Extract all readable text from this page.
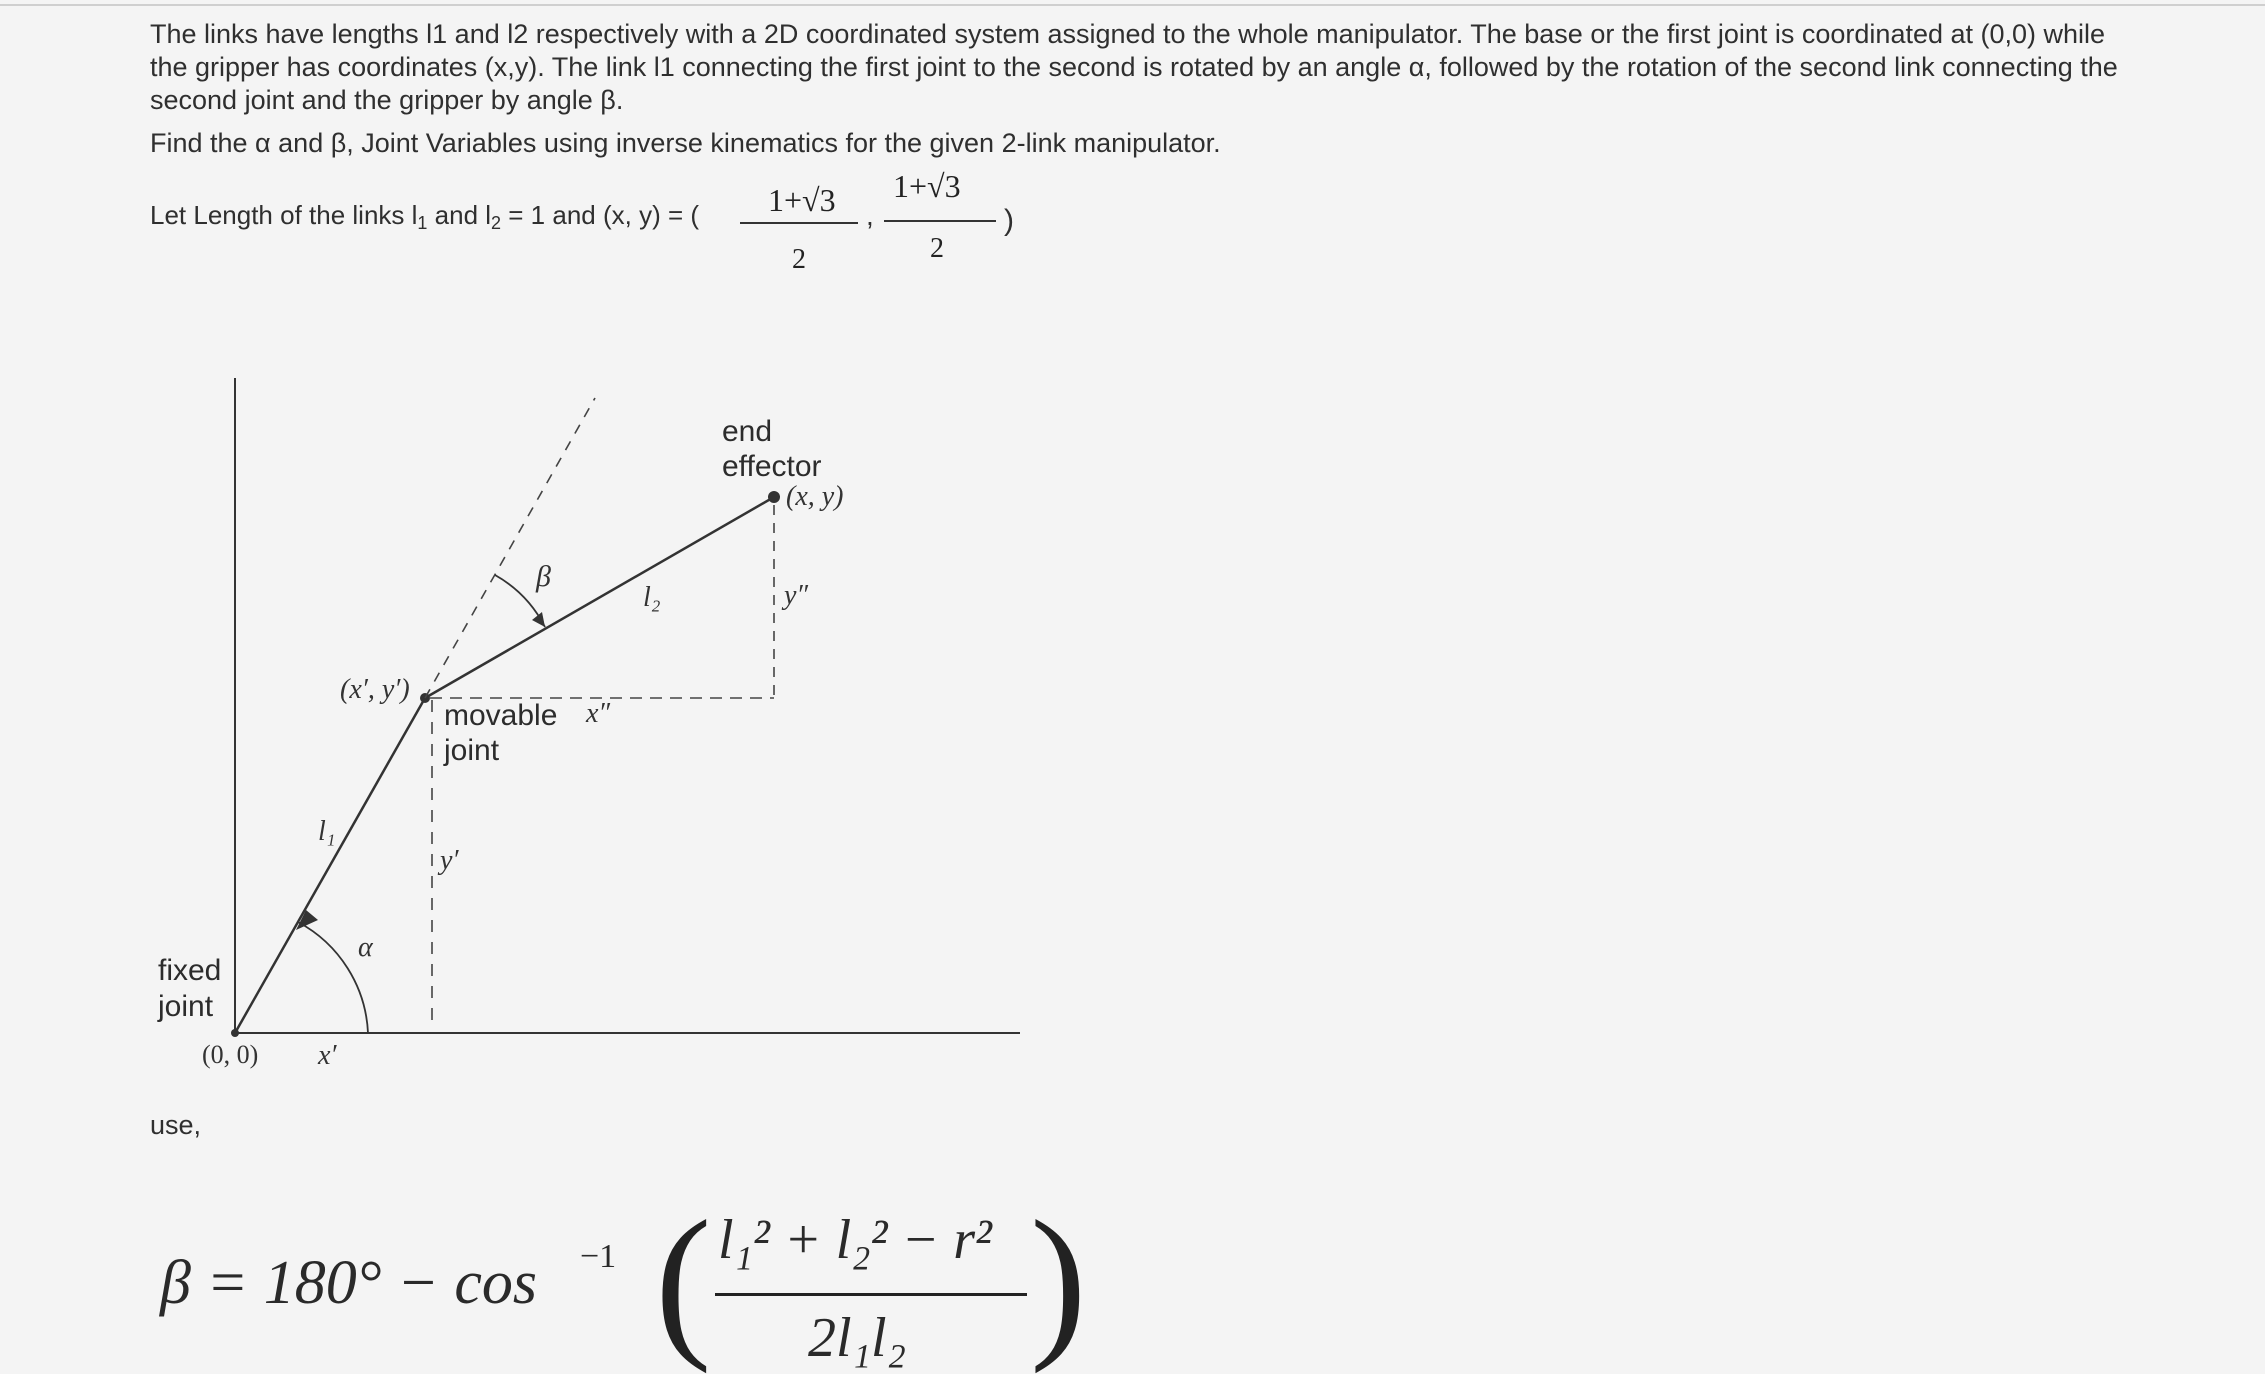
The links have lengths l1 and l2 respectively with a 2D coordinated system assigned to the whole manipulator. The base or the first joint is coordinated at (0,0) while the gripper has coordinates (x,y). The link l1 connecting the first joint to the second is rotated by an angle α, followed by the rotation of the second link connecting the second joint and the gripper by angle β.
Find the α and β, Joint Variables using inverse kinematics for the given 2-link manipulator.
Let Length of the links $l_1$ and $l_2 = 1$ and (x, y) = ( 1+√3
2
,
1+√3
2
)
end
effector
(x, y)
(x′, y′)
movable
joint
fixed
joint
(0, 0)
β
α
l₁
l₂
x′
y′
x″
y″
use,
β = 180° − cos −1 ( l₁² + l₂² − r²
2l₁l₂ )
